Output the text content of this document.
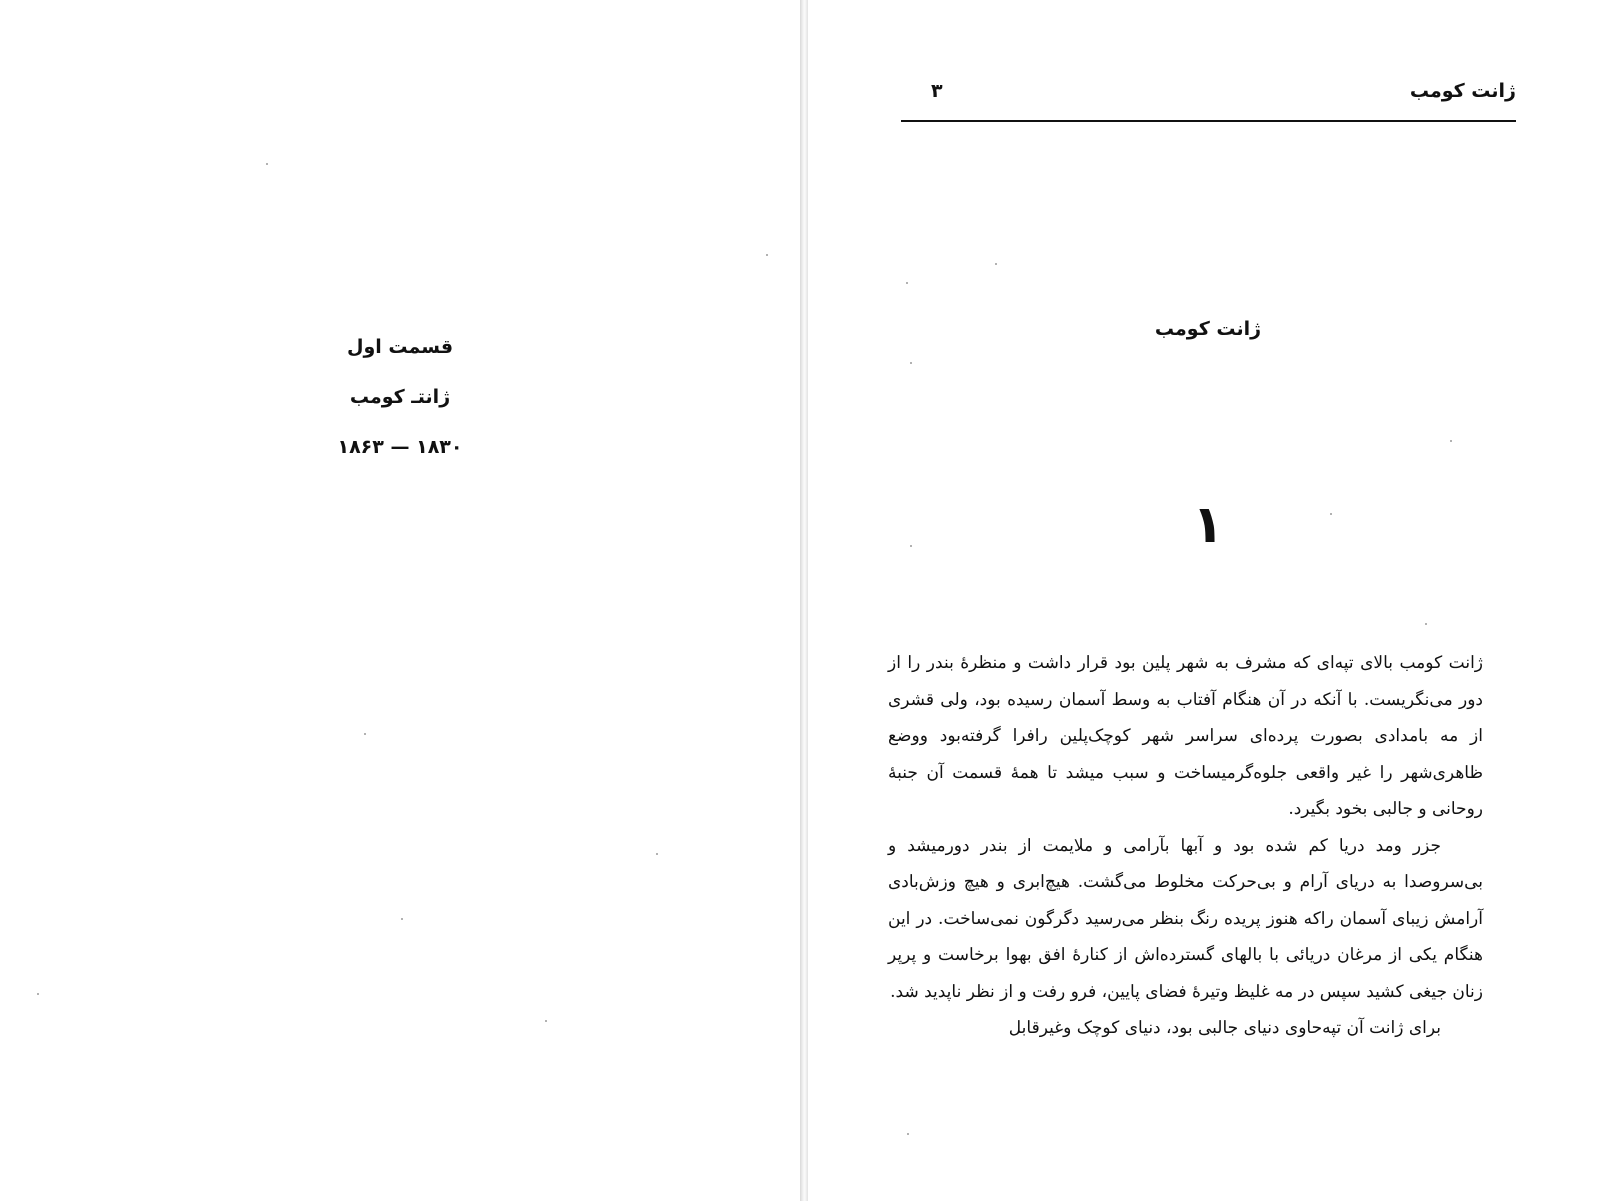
قسمت اول
ژانتـ کومب
۱۸۳۰ — ۱۸۶۳
ژانت کومب
۳
ژانت کومب
۱

ژانت کومب بالای تپه‌ای که مشرف به شهر پلین بود قرار داشت و منظرهٔ بندر را از دور می‌نگریست. با آنکه در آن هنگام آفتاب به وسط آسمان رسیده بود، ولی قشری از مه بامدادی بصورت پرده‌ای سراسر شهر کوچک‌پلین رافرا گرفته‌بود ووضع ظاهری‌شهر را غیر واقعی جلوه‌گرمیساخت و سبب میشد تا همهٔ قسمت آن جنبهٔ روحانی و جالبی بخود بگیرد.

جزر ومد دریا کم شده بود و آبها بآرامی و ملایمت از بندر دورمیشد و بی‌سروصدا به دریای آرام و بی‌حرکت مخلوط می‌گشت. هیچ‌ابری و هیچ وزش‌بادی آرامش زیبای آسمان راکه هنوز پریده رنگ بنظر می‌رسید دگرگون نمی‌ساخت. در این هنگام یکی از مرغان دریائی با بالهای گسترده‌اش از کنارهٔ افق بهوا برخاست و پرپر زنان جیغی کشید سپس در مه غلیظ وتیرهٔ فضای پایین، فرو رفت و از نظر ناپدید شد.

برای ژانت آن تپه‌حاوی دنیای جالبی بود، دنیای کوچک وغیرقابل
